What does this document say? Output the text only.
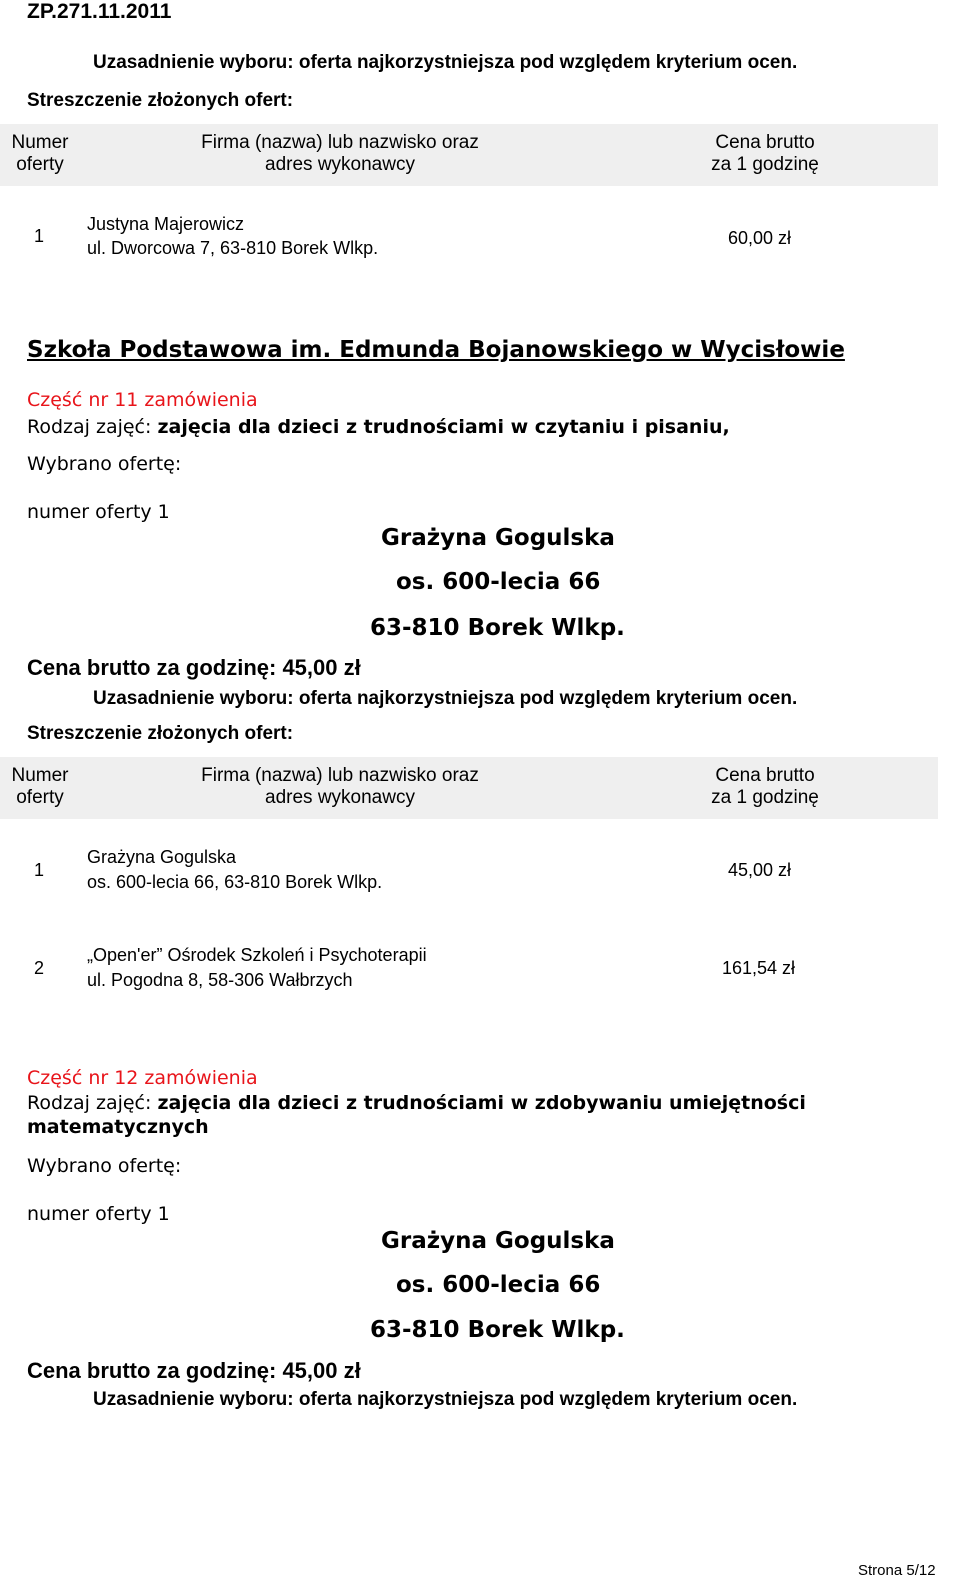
ZP.271.11.2011
Uzasadnienie wyboru: oferta najkorzystniejsza pod względem kryterium ocen.
Streszczenie złożonych ofert:
Numer
oferty
Firma (nazwa) lub nazwisko oraz
adres wykonawcy
Cena brutto
za 1 godzinę
1
Justyna Majerowicz
ul. Dworcowa 7, 63-810 Borek Wlkp.	60,00 zł
Szkoła Podstawowa im. Edmunda Bojanowskiego w Wycisłowie
Część nr 11 zamówienia
Rodzaj zajęć: zajęcia dla dzieci z trudnościami w czytaniu i pisaniu,
Wybrano ofertę:
numer oferty 1
Grażyna Gogulska
os. 600-lecia 66
63-810 Borek Wlkp.
Cena brutto za godzinę: 45,00 zł
Uzasadnienie wyboru: oferta najkorzystniejsza pod względem kryterium ocen.
Streszczenie złożonych ofert:
Numer
oferty
Firma (nazwa) lub nazwisko oraz
adres wykonawcy
Cena brutto
za 1 godzinę
1
Grażyna Gogulska
os. 600-lecia 66, 63-810 Borek Wlkp.
45,00 zł
2
„Open'er” Ośrodek Szkoleń i Psychoterapii
ul. Pogodna 8, 58-306 Wałbrzych
161,54 zł
Część nr 12 zamówienia
Rodzaj zajęć: zajęcia dla dzieci z trudnościami w zdobywaniu umiejętności
matematycznych
Wybrano ofertę:
numer oferty 1
Grażyna Gogulska
os. 600-lecia 66
63-810 Borek Wlkp.
Cena brutto za godzinę: 45,00 zł
Uzasadnienie wyboru: oferta najkorzystniejsza pod względem kryterium ocen.
Strona 5/12
